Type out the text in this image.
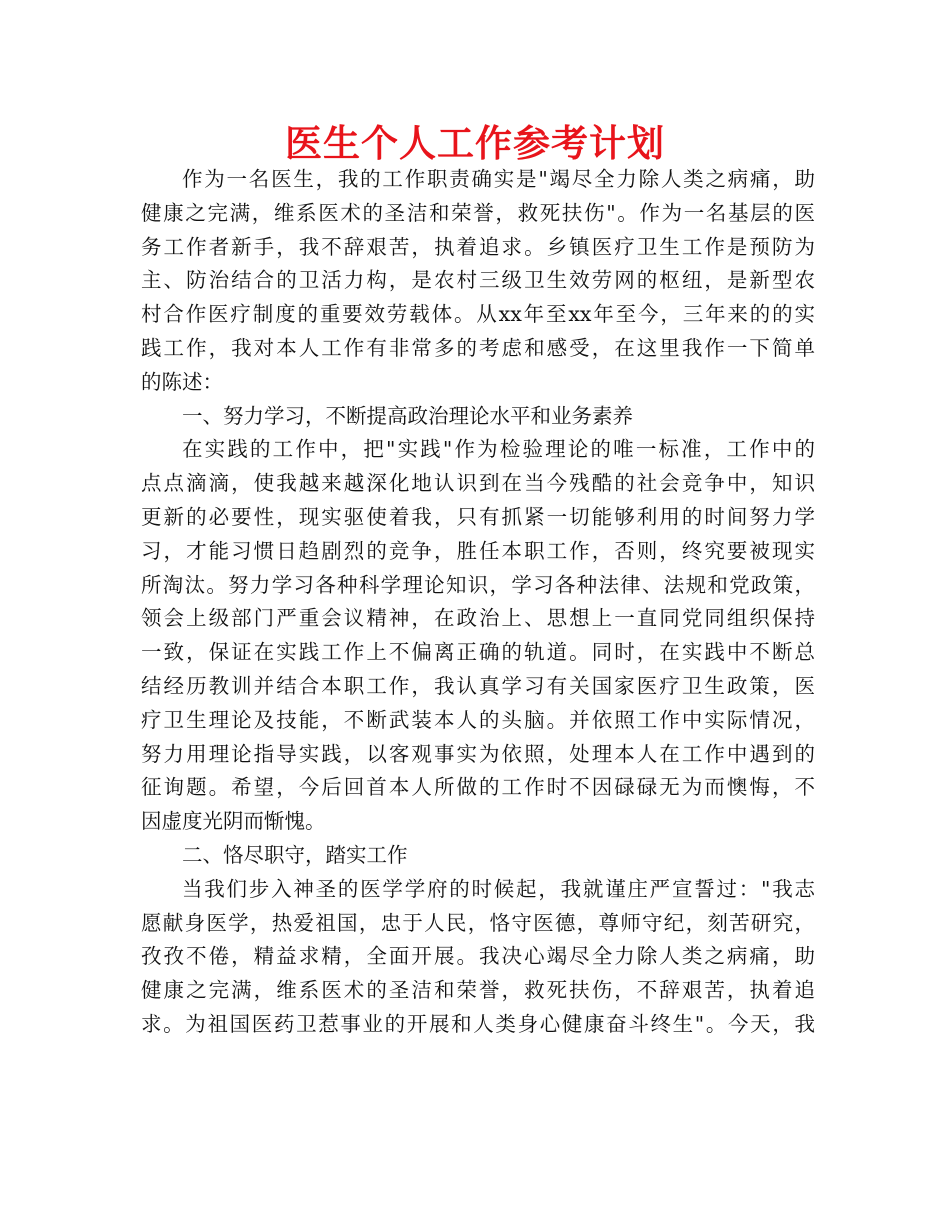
医生个人工作参考计划
作为一名医生，我的工作职责确实是"竭尽全力除人类之病痛，助
健康之完满，维系医术的圣洁和荣誉，救死扶伤"。作为一名基层的医
务工作者新手，我不辞艰苦，执着追求。乡镇医疗卫生工作是预防为
主、防治结合的卫活力构，是农村三级卫生效劳网的枢纽，是新型农
村合作医疗制度的重要效劳载体。从xx年至xx年至今，三年来的的实
践工作，我对本人工作有非常多的考虑和感受，在这里我作一下简单
的陈述：
一、努力学习，不断提高政治理论水平和业务素养
在实践的工作中，把"实践"作为检验理论的唯一标准，工作中的
点点滴滴，使我越来越深化地认识到在当今残酷的社会竞争中，知识
更新的必要性，现实驱使着我，只有抓紧一切能够利用的时间努力学
习，才能习惯日趋剧烈的竞争，胜任本职工作，否则，终究要被现实
所淘汰。努力学习各种科学理论知识，学习各种法律、法规和党政策，
领会上级部门严重会议精神，在政治上、思想上一直同党同组织保持
一致，保证在实践工作上不偏离正确的轨道。同时，在实践中不断总
结经历教训并结合本职工作，我认真学习有关国家医疗卫生政策，医
疗卫生理论及技能，不断武装本人的头脑。并依照工作中实际情况，
努力用理论指导实践，以客观事实为依照，处理本人在工作中遇到的
征询题。希望，今后回首本人所做的工作时不因碌碌无为而懊悔，不
因虚度光阴而惭愧。
二、恪尽职守，踏实工作
当我们步入神圣的医学学府的时候起，我就谨庄严宣誓过："我志
愿献身医学，热爱祖国，忠于人民，恪守医德，尊师守纪，刻苦研究，
孜孜不倦，精益求精，全面开展。我决心竭尽全力除人类之病痛，助
健康之完满，维系医术的圣洁和荣誉，救死扶伤，不辞艰苦，执着追
求。为祖国医药卫惹事业的开展和人类身心健康奋斗终生"。今天，我
